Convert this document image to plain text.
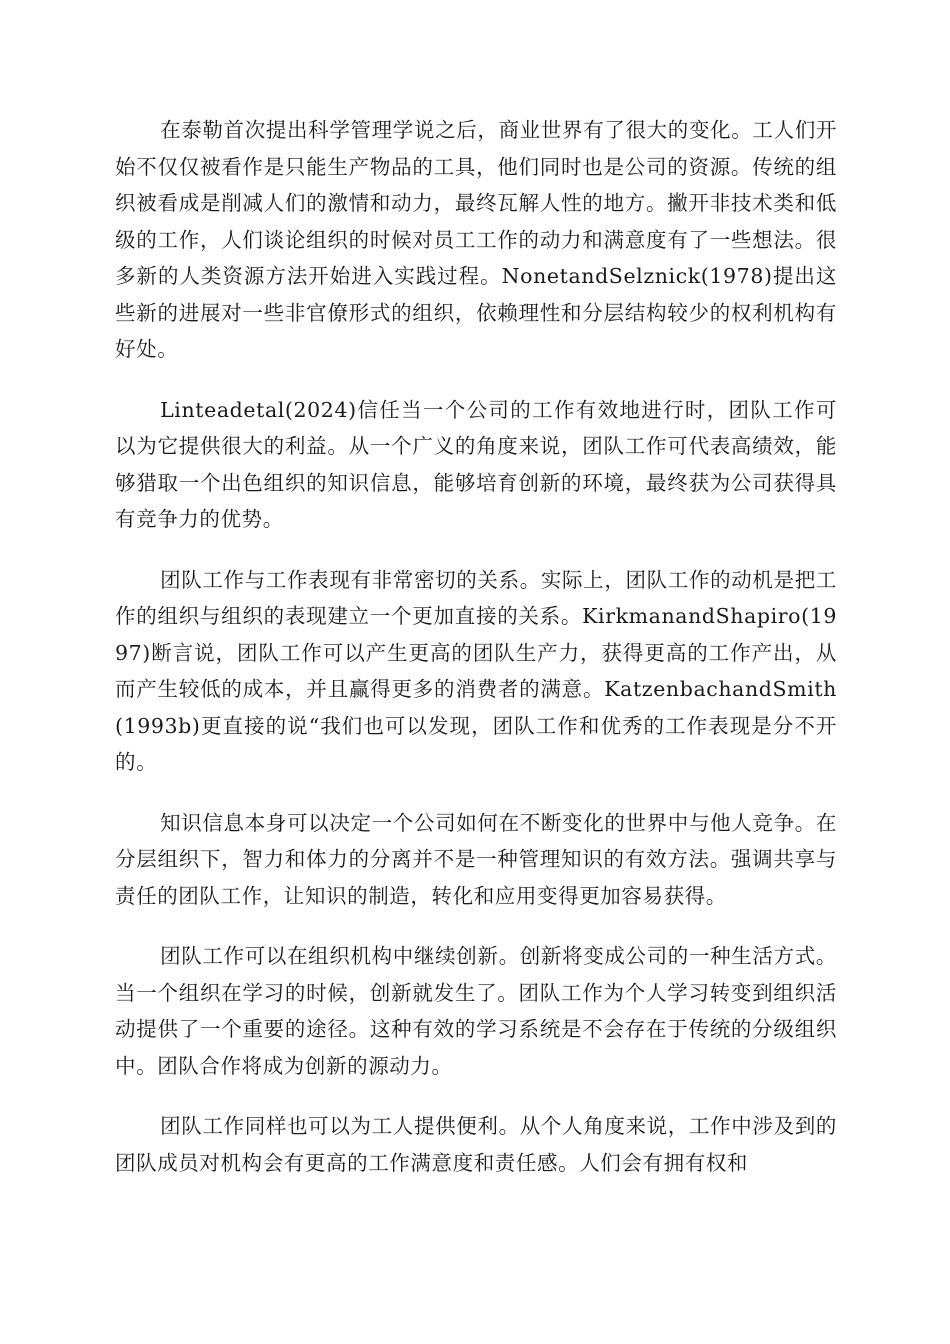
在泰勒首次提出科学管理学说之后，商业世界有了很大的变化。工人们开始不仅仅被看作是只能生产物品的工具，他们同时也是公司的资源。传统的组织被看成是削减人们的激情和动力，最终瓦解人性的地方。撇开非技术类和低级的工作，人们谈论组织的时候对员工工作的动力和满意度有了一些想法。很多新的人类资源方法开始进入实践过程。NonetandSelznick(1978)提出这些新的进展对一些非官僚形式的组织，依赖理性和分层结构较少的权利机构有好处。

Linteadetal(2024)信任当一个公司的工作有效地进行时，团队工作可以为它提供很大的利益。从一个广义的角度来说，团队工作可代表高绩效，能够猎取一个出色组织的知识信息，能够培育创新的环境，最终获为公司获得具有竞争力的优势。

团队工作与工作表现有非常密切的关系。实际上，团队工作的动机是把工作的组织与组织的表现建立一个更加直接的关系。KirkmanandShapiro(1997)断言说，团队工作可以产生更高的团队生产力，获得更高的工作产出，从而产生较低的成本，并且赢得更多的消费者的满意。KatzenbachandSmith(1993b)更直接的说“我们也可以发现，团队工作和优秀的工作表现是分不开的。

知识信息本身可以决定一个公司如何在不断变化的世界中与他人竞争。在分层组织下，智力和体力的分离并不是一种管理知识的有效方法。强调共享与责任的团队工作，让知识的制造，转化和应用变得更加容易获得。

团队工作可以在组织机构中继续创新。创新将变成公司的一种生活方式。当一个组织在学习的时候，创新就发生了。团队工作为个人学习转变到组织活动提供了一个重要的途径。这种有效的学习系统是不会存在于传统的分级组织中。团队合作将成为创新的源动力。

团队工作同样也可以为工人提供便利。从个人角度来说，工作中涉及到的团队成员对机构会有更高的工作满意度和责任感。人们会有拥有权和
